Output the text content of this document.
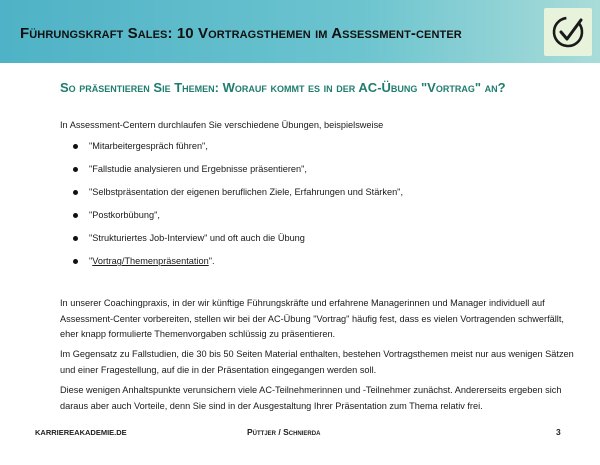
Führungskraft Sales: 10 Vortragsthemen im Assessment-center
So präsentieren Sie Themen: Worauf kommt es in der AC-Übung "Vortrag" an?
In Assessment-Centern durchlaufen Sie verschiedene Übungen, beispielsweise
"Mitarbeitergespräch führen",
"Fallstudie analysieren und Ergebnisse präsentieren",
"Selbstpräsentation der eigenen beruflichen Ziele, Erfahrungen und Stärken",
"Postkorbübung",
"Strukturiertes Job-Interview" und oft auch die Übung
"Vortrag/Themenpräsentation".
In unserer Coachingpraxis, in der wir künftige Führungskräfte und erfahrene Managerinnen und Manager individuell auf Assessment-Center vorbereiten, stellen wir bei der AC-Übung "Vortrag" häufig fest, dass es vielen Vortragenden schwerfällt, eher knapp formulierte Themenvorgaben schlüssig zu präsentieren.
Im Gegensatz zu Fallstudien, die 30 bis 50 Seiten Material enthalten, bestehen Vortragsthemen meist nur aus wenigen Sätzen und einer Fragestellung, auf die in der Präsentation eingegangen werden soll.
Diese wenigen Anhaltspunkte verunsichern viele AC-Teilnehmerinnen und -Teilnehmer zunächst. Andererseits ergeben sich daraus aber auch Vorteile, denn Sie sind in der Ausgestaltung Ihrer Präsentation zum Thema relativ frei.
KARRIEREAKADEMIE.DE	Püttjer / Schnierda	3
